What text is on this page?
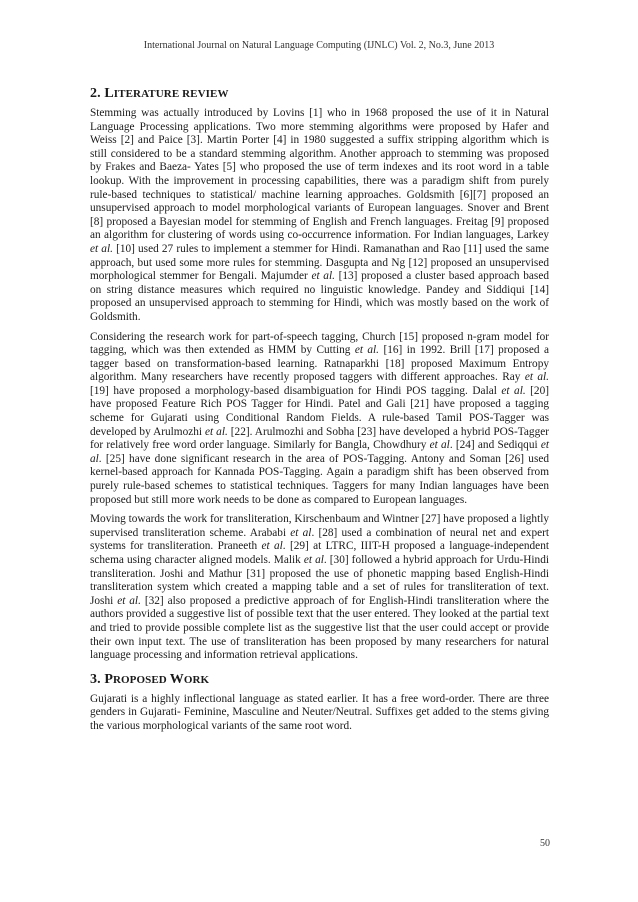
International Journal on Natural Language Computing (IJNLC) Vol. 2, No.3, June 2013
2. LITERATURE REVIEW

Stemming was actually introduced by Lovins [1] who in 1968 proposed the use of it in Natural Language Processing applications. Two more stemming algorithms were proposed by Hafer and Weiss [2] and Paice [3]. Martin Porter [4] in 1980 suggested a suffix stripping algorithm which is still considered to be a standard stemming algorithm. Another approach to stemming was proposed by Frakes and Baeza- Yates [5] who proposed the use of term indexes and its root word in a table lookup. With the improvement in processing capabilities, there was a paradigm shift from purely rule-based techniques to statistical/ machine learning approaches. Goldsmith [6][7] proposed an unsupervised approach to model morphological variants of European languages. Snover and Brent [8] proposed a Bayesian model for stemming of English and French languages. Freitag [9] proposed an algorithm for clustering of words using co-occurrence information. For Indian languages, Larkey et al. [10] used 27 rules to implement a stemmer for Hindi. Ramanathan and Rao [11] used the same approach, but used some more rules for stemming. Dasgupta and Ng [12] proposed an unsupervised morphological stemmer for Bengali. Majumder et al. [13] proposed a cluster based approach based on string distance measures which required no linguistic knowledge. Pandey and Siddiqui [14] proposed an unsupervised approach to stemming for Hindi, which was mostly based on the work of Goldsmith.

Considering the research work for part-of-speech tagging, Church [15] proposed n-gram model for tagging, which was then extended as HMM by Cutting et al. [16] in 1992. Brill [17] proposed a tagger based on transformation-based learning. Ratnaparkhi [18] proposed Maximum Entropy algorithm. Many researchers have recently proposed taggers with different approaches. Ray et al. [19] have proposed a morphology-based disambiguation for Hindi POS tagging. Dalal et al. [20] have proposed Feature Rich POS Tagger for Hindi. Patel and Gali [21] have proposed a tagging scheme for Gujarati using Conditional Random Fields. A rule-based Tamil POS-Tagger was developed by Arulmozhi et al. [22]. Arulmozhi and Sobha [23] have developed a hybrid POS-Tagger for relatively free word order language. Similarly for Bangla, Chowdhury et al. [24] and Sediqqui et al. [25] have done significant research in the area of POS-Tagging. Antony and Soman [26] used kernel-based approach for Kannada POS-Tagging. Again a paradigm shift has been observed from purely rule-based schemes to statistical techniques. Taggers for many Indian languages have been proposed but still more work needs to be done as compared to European languages.

Moving towards the work for transliteration, Kirschenbaum and Wintner [27] have proposed a lightly supervised transliteration scheme. Arababi et al. [28] used a combination of neural net and expert systems for transliteration. Praneeth et al. [29] at LTRC, IIIT-H proposed a language-independent schema using character aligned models. Malik et al. [30] followed a hybrid approach for Urdu-Hindi transliteration. Joshi and Mathur [31] proposed the use of phonetic mapping based English-Hindi transliteration system which created a mapping table and a set of rules for transliteration of text. Joshi et al. [32] also proposed a predictive approach of for English-Hindi transliteration where the authors provided a suggestive list of possible text that the user entered. They looked at the partial text and tried to provide possible complete list as the suggestive list that the user could accept or provide their own input text. The use of transliteration has been proposed by many researchers for natural language processing and information retrieval applications.

3. PROPOSED WORK

Gujarati is a highly inflectional language as stated earlier. It has a free word-order. There are three genders in Gujarati- Feminine, Masculine and Neuter/Neutral. Suffixes get added to the stems giving the various morphological variants of the same root word.

50
